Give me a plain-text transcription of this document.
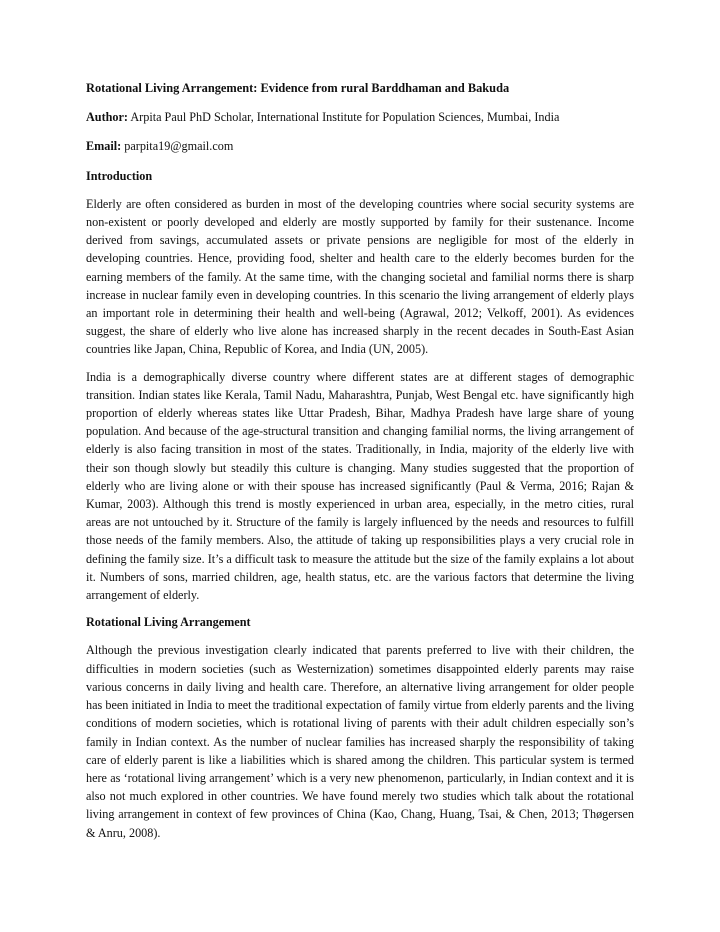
Rotational Living Arrangement: Evidence from rural Barddhaman and Bakuda

Author: Arpita Paul PhD Scholar, International Institute for Population Sciences, Mumbai, India

Email: parpita19@gmail.com

Introduction

Elderly are often considered as burden in most of the developing countries where social security systems are non-existent or poorly developed and elderly are mostly supported by family for their sustenance. Income derived from savings, accumulated assets or private pensions are negligible for most of the elderly in developing countries. Hence, providing food, shelter and health care to the elderly becomes burden for the earning members of the family. At the same time, with the changing societal and familial norms there is sharp increase in nuclear family even in developing countries. In this scenario the living arrangement of elderly plays an important role in determining their health and well-being (Agrawal, 2012; Velkoff, 2001). As evidences suggest, the share of elderly who live alone has increased sharply in the recent decades in South-East Asian countries like Japan, China, Republic of Korea, and India (UN, 2005).

India is a demographically diverse country where different states are at different stages of demographic transition. Indian states like Kerala, Tamil Nadu, Maharashtra, Punjab, West Bengal etc. have significantly high proportion of elderly whereas states like Uttar Pradesh, Bihar, Madhya Pradesh have large share of young population. And because of the age-structural transition and changing familial norms, the living arrangement of elderly is also facing transition in most of the states. Traditionally, in India, majority of the elderly live with their son though slowly but steadily this culture is changing. Many studies suggested that the proportion of elderly who are living alone or with their spouse has increased significantly (Paul & Verma, 2016; Rajan & Kumar, 2003). Although this trend is mostly experienced in urban area, especially, in the metro cities, rural areas are not untouched by it. Structure of the family is largely influenced by the needs and resources to fulfill those needs of the family members. Also, the attitude of taking up responsibilities plays a very crucial role in defining the family size. It’s a difficult task to measure the attitude but the size of the family explains a lot about it. Numbers of sons, married children, age, health status, etc. are the various factors that determine the living arrangement of elderly.

Rotational Living Arrangement

Although the previous investigation clearly indicated that parents preferred to live with their children, the difficulties in modern societies (such as Westernization) sometimes disappointed elderly parents may raise various concerns in daily living and health care. Therefore, an alternative living arrangement for older people has been initiated in India to meet the traditional expectation of family virtue from elderly parents and the living conditions of modern societies, which is rotational living of parents with their adult children especially son’s family in Indian context. As the number of nuclear families has increased sharply the responsibility of taking care of elderly parent is like a liabilities which is shared among the children. This particular system is termed here as ‘rotational living arrangement’ which is a very new phenomenon, particularly, in Indian context and it is also not much explored in other countries. We have found merely two studies which talk about the rotational living arrangement in context of few provinces of China (Kao, Chang, Huang, Tsai, & Chen, 2013; Thøgersen & Anru, 2008).
